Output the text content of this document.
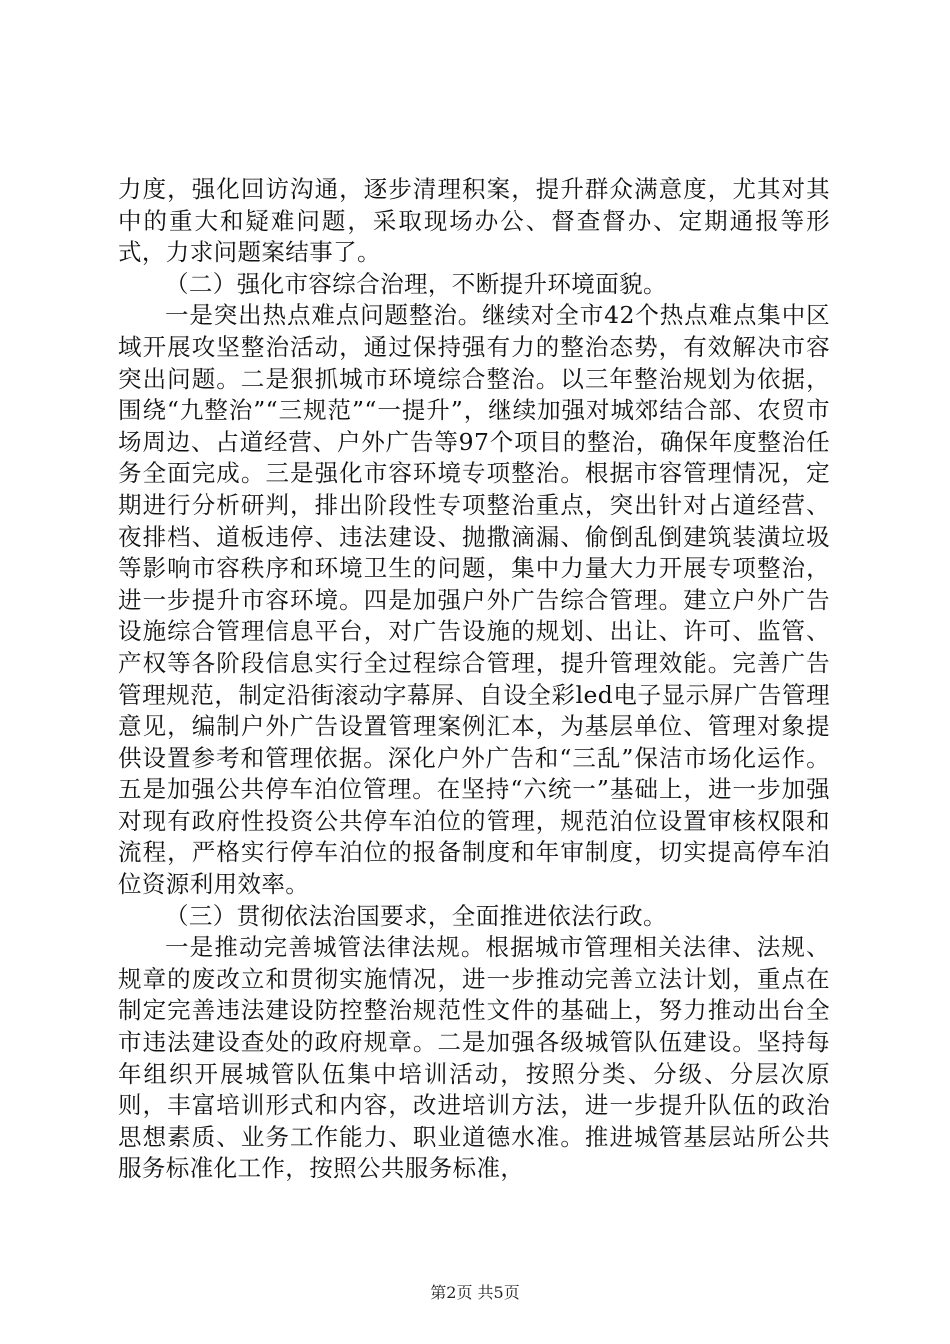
力度，强化回访沟通，逐步清理积案，提升群众满意度，尤其对其中的重大和疑难问题，采取现场办公、督查督办、定期通报等形式，力求问题案结事了。

（二）强化市容综合治理，不断提升环境面貌。

一是突出热点难点问题整治。继续对全市42个热点难点集中区域开展攻坚整治活动，通过保持强有力的整治态势，有效解决市容突出问题。二是狠抓城市环境综合整治。以三年整治规划为依据，围绕“九整治”“三规范”“一提升”，继续加强对城郊结合部、农贸市场周边、占道经营、户外广告等97个项目的整治，确保年度整治任务全面完成。三是强化市容环境专项整治。根据市容管理情况，定期进行分析研判，排出阶段性专项整治重点，突出针对占道经营、夜排档、道板违停、违法建设、抛撒滴漏、偷倒乱倒建筑装潢垃圾等影响市容秩序和环境卫生的问题，集中力量大力开展专项整治，进一步提升市容环境。四是加强户外广告综合管理。建立户外广告设施综合管理信息平台，对广告设施的规划、出让、许可、监管、产权等各阶段信息实行全过程综合管理，提升管理效能。完善广告管理规范，制定沿街滚动字幕屏、自设全彩led电子显示屏广告管理意见，编制户外广告设置管理案例汇本，为基层单位、管理对象提供设置参考和管理依据。深化户外广告和“三乱”保洁市场化运作。五是加强公共停车泊位管理。在坚持“六统一”基础上，进一步加强对现有政府性投资公共停车泊位的管理，规范泊位设置审核权限和流程，严格实行停车泊位的报备制度和年审制度，切实提高停车泊位资源利用效率。

（三）贯彻依法治国要求，全面推进依法行政。

一是推动完善城管法律法规。根据城市管理相关法律、法规、规章的废改立和贯彻实施情况，进一步推动完善立法计划，重点在制定完善违法建设防控整治规范性文件的基础上，努力推动出台全市违法建设查处的政府规章。二是加强各级城管队伍建设。坚持每年组织开展城管队伍集中培训活动，按照分类、分级、分层次原则，丰富培训形式和内容，改进培训方法，进一步提升队伍的政治思想素质、业务工作能力、职业道德水准。推进城管基层站所公共服务标准化工作，按照公共服务标准，

第2页 共5页
